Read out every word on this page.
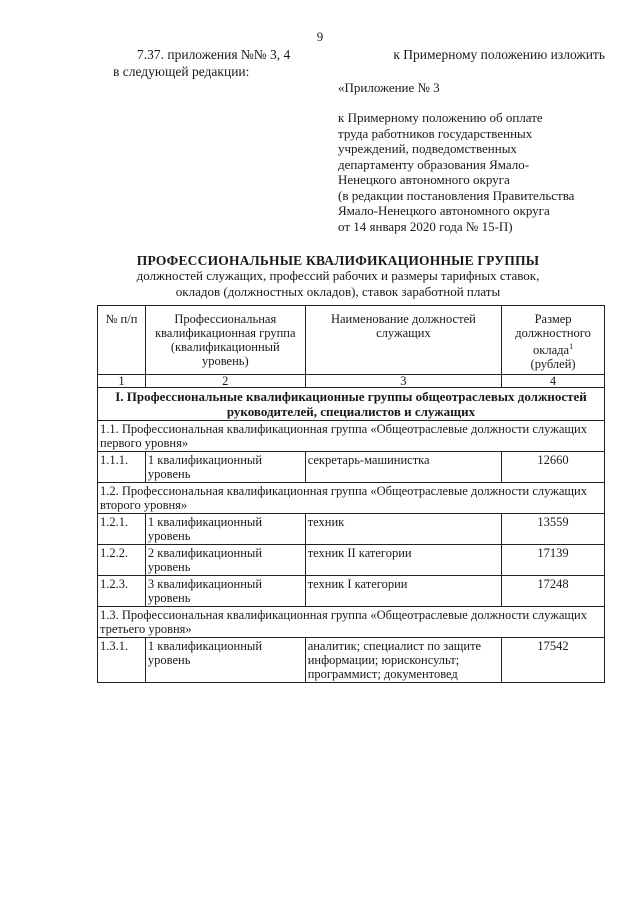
9
7.37. приложения №№ 3, 4	к Примерному положению изложить
в следующей редакции:
«Приложение № 3
к Примерному положению об оплате
труда работников государственных
учреждений, подведомственных
департаменту образования Ямало-
Ненецкого автономного округа
(в редакции постановления Правительства
Ямало-Ненецкого автономного округа
от 14 января 2020 года № 15-П)
ПРОФЕССИОНАЛЬНЫЕ КВАЛИФИКАЦИОННЫЕ ГРУППЫ
должностей служащих, профессий рабочих и размеры тарифных ставок,
окладов (должностных окладов), ставок заработной платы
№ п/п	Профессиональная квалификационная группа (квалификационный уровень)	Наименование должностей служащих	Размер должностного оклада$^1$
(рублей)
1	2	3	4
I. Профессиональные квалификационные группы общеотраслевых должностей руководителей, специалистов и служащих			
1.1. Профессиональная квалификационная группа «Общеотраслевые должности служащих первого уровня»			
1.1.1.	1 квалификационный уровень	секретарь-машинистка	12660
1.2. Профессиональная квалификационная группа «Общеотраслевые должности служащих второго уровня»			
1.2.1.	1 квалификационный уровень	техник	13559
1.2.2.	2 квалификационный уровень	техник II категории	17139
1.2.3.	3 квалификационный уровень	техник I категории	17248
1.3. Профессиональная квалификационная группа «Общеотраслевые должности служащих третьего уровня»			
1.3.1.	1 квалификационный уровень	аналитик; специалист по защите информации; юрисконсульт; программист; документовед	17542
